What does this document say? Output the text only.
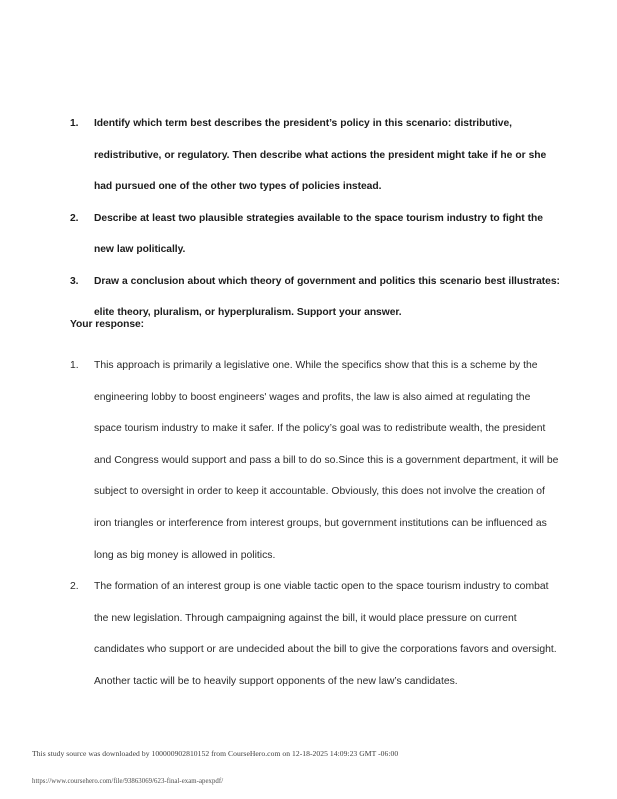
1.	Identify which term best describes the president’s policy in this scenario: distributive, redistributive, or regulatory. Then describe what actions the president might take if he or she had pursued one of the other two types of policies instead.
2.	Describe at least two plausible strategies available to the space tourism industry to fight the new law politically.
3.	Draw a conclusion about which theory of government and politics this scenario best illustrates: elite theory, pluralism, or hyperpluralism. Support your answer.
Your response:
1.	This approach is primarily a legislative one. While the specifics show that this is a scheme by the engineering lobby to boost engineers' wages and profits, the law is also aimed at regulating the space tourism industry to make it safer. If the policy’s goal was to redistribute wealth, the president and Congress would support and pass a bill to do so.Since this is a government department, it will be subject to oversight in order to keep it accountable. Obviously, this does not involve the creation of iron triangles or interference from interest groups, but government institutions can be influenced as long as big money is allowed in politics.
2.	The formation of an interest group is one viable tactic open to the space tourism industry to combat the new legislation. Through campaigning against the bill, it would place pressure on current candidates who support or are undecided about the bill to give the corporations favors and oversight. Another tactic will be to heavily support opponents of the new law’s candidates.
This study source was downloaded by 100000902810152 from CourseHero.com on 12-18-2025 14:09:23 GMT -06:00
https://www.coursehero.com/file/93863069/623-final-exam-apexpdf/
